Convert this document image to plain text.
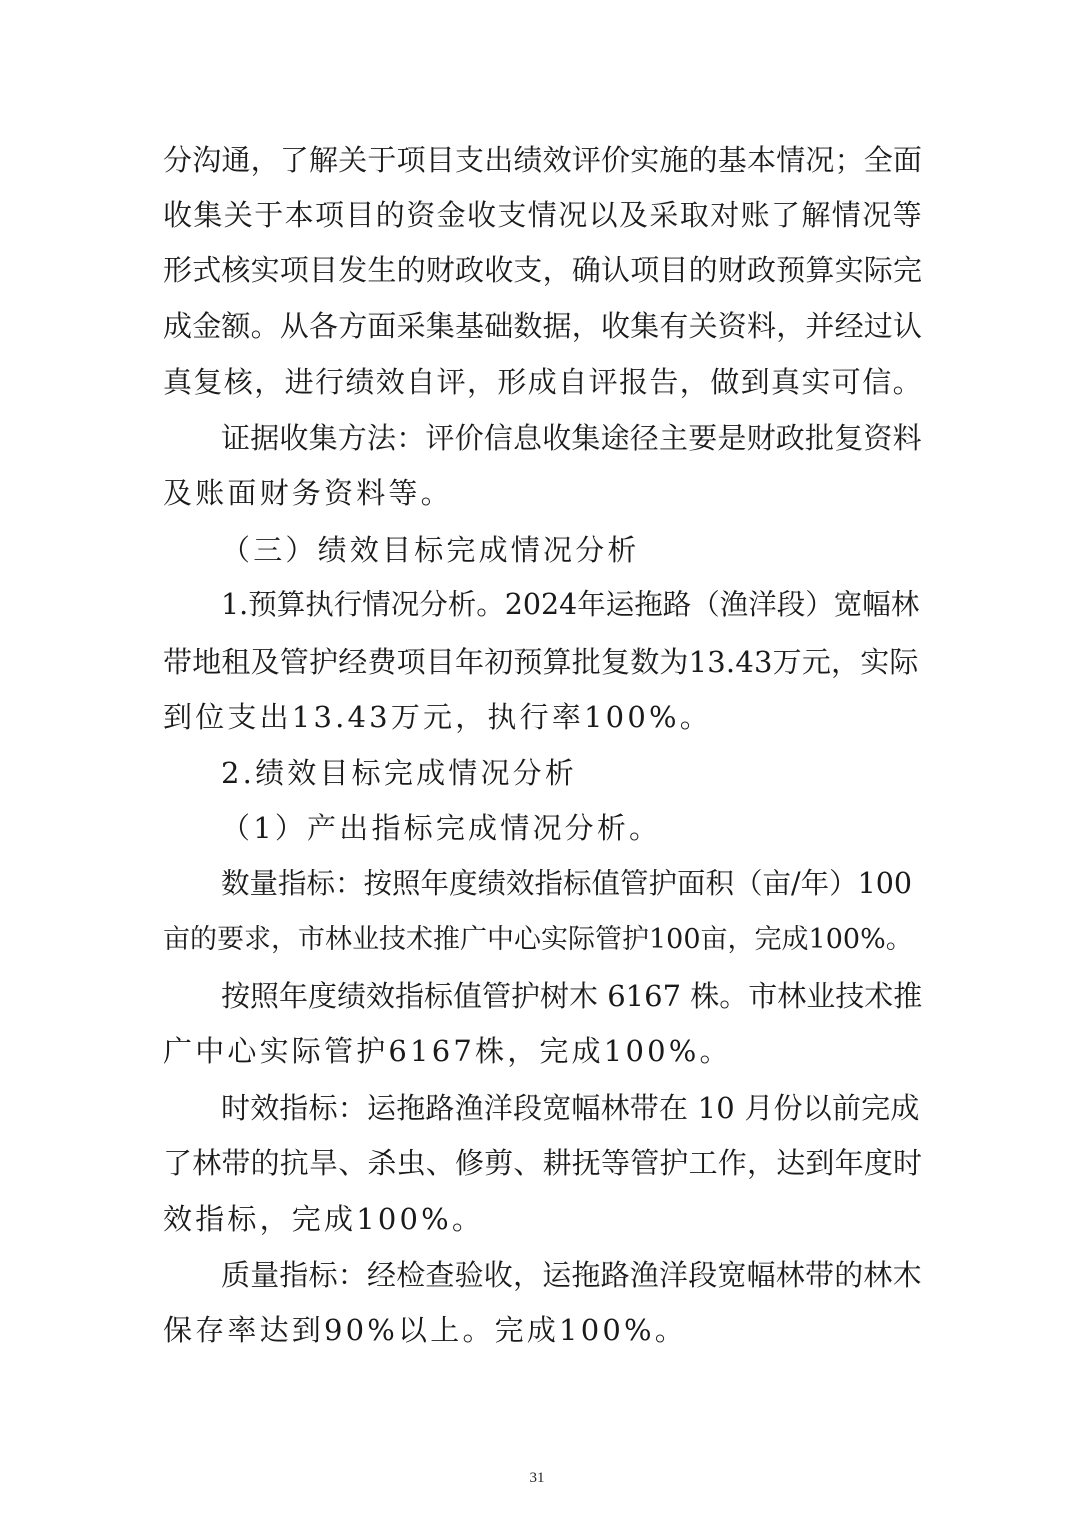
分沟通，了解关于项目支出绩效评价实施的基本情况；全面
收集关于本项目的资金收支情况以及采取对账了解情况等
形式核实项目发生的财政收支，确认项目的财政预算实际完
成金额。从各方面采集基础数据，收集有关资料，并经过认
真复核，进行绩效自评，形成自评报告，做到真实可信。
证据收集方法：评价信息收集途径主要是财政批复资料
及账面财务资料等。
（三）绩效目标完成情况分析
1.预算执行情况分析。2024年运拖路（渔洋段）宽幅林
带地租及管护经费项目年初预算批复数为13.43万元，实际
到位支出13.43万元，执行率100%。
2.绩效目标完成情况分析
（1）产出指标完成情况分析。
数量指标：按照年度绩效指标值管护面积（亩/年）100
亩的要求，市林业技术推广中心实际管护100亩，完成100%。
按照年度绩效指标值管护树木 6167 株。市林业技术推
广中心实际管护6167株，完成100%。
时效指标：运拖路渔洋段宽幅林带在 10 月份以前完成
了林带的抗旱、杀虫、修剪、耕抚等管护工作，达到年度时
效指标，完成100%。
质量指标：经检查验收，运拖路渔洋段宽幅林带的林木
保存率达到90%以上。完成100%。
31
